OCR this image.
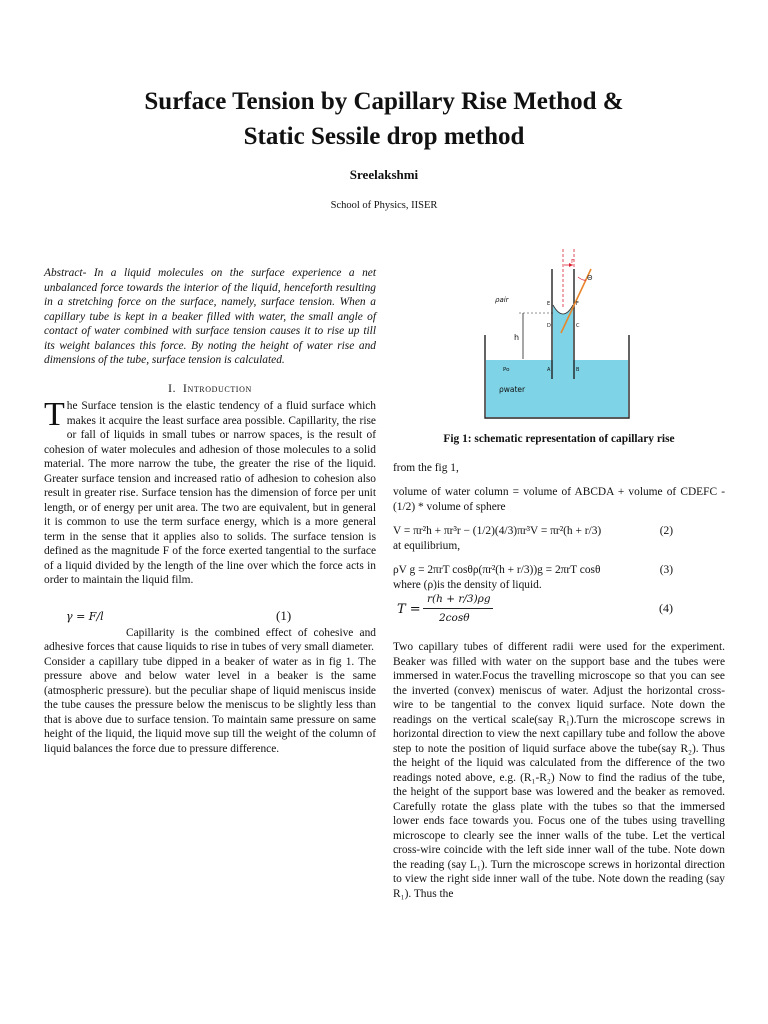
Surface Tension by Capillary Rise Method &
Static Sessile drop method
Sreelakshmi
School of Physics, IISER

Abstract- In a liquid molecules on the surface experience a net unbalanced force towards the interior of the liquid, henceforth resulting in a stretching force on the surface, namely, surface tension. When a capillary tube is kept in a beaker filled with water, the small angle of contact of water combined with surface tension causes it to rise up till its weight balances this force. By noting the height of water rise and dimensions of the tube, surface tension is calculated.

I. Introduction

The Surface tension is the elastic tendency of a fluid surface which makes it acquire the least surface area possible. Capillarity, the rise or fall of liquids in small tubes or narrow spaces, is the result of cohesion of water molecules and adhesion of those molecules to a solid material. The more narrow the tube, the greater the rise of the liquid. Greater surface tension and increased ratio of adhesion to cohesion also result in greater rise. Surface tension has the dimension of force per unit length, or of energy per unit area. The two are equivalent, but in general it is common to use the term surface energy, which is a more general term in the sense that it applies also to solids. The surface tension is defined as the magnitude F of the force exerted tangential to the surface of a liquid divided by the length of the line over which the force acts in order to maintain the liquid film.

γ = F/l	(1)

Capillarity is the combined effect of cohesive and adhesive forces that cause liquids to rise in tubes of very small diameter.

Consider a capillary tube dipped in a beaker of water as in fig 1. The pressure above and below water level in a beaker is the same (atmospheric pressure). but the peculiar shape of liquid meniscus inside the tube causes the pressure below the meniscus to be slightly less than that is above due to surface tension. To maintain same pressure on same height of the liquid, the liquid move sup till the weight of the column of liquid balances the force due to pressure difference.

r
Θ
h
ρair
ρwater
Po	A	B
C
D
E	F
Fig 1: schematic representation of capillary rise

from the fig 1,

volume of water column = volume of ABCDA + volume of CDEFC - (1/2) * volume of sphere

V = πr²h + πr³r − (1/2)(4/3)πr³V = πr²(h + r/3)	(2)

at equilibrium,

ρV g = 2πrT cosθρ(πr²(h + r/3))g = 2πrT cosθ	(3)

where (ρ)is the density of liquid.

T =
r(h + r/3)ρg
2cosθ
(4)

Two capillary tubes of different radii were used for the experiment. Beaker was filled with water on the support base and the tubes were immersed in water.Focus the travelling microscope so that you can see the inverted (convex) meniscus of water. Adjust the horizontal cross-wire to be tangential to the convex liquid surface. Note down the readings on the vertical scale(say R₁).Turn the microscope screws in horizontal direction to view the next capillary tube and follow the above step to note the position of liquid surface above the tube(say R₂). Thus the height of the liquid was calculated from the difference of the two readings noted above, e.g. (R₁-R₂) Now to find the radius of the tube, the height of the support base was lowered and the beaker as removed. Carefully rotate the glass plate with the tubes so that the immersed lower ends face towards you. Focus one of the tubes using travelling microscope to clearly see the inner walls of the tube. Let the vertical cross-wire coincide with the left side inner wall of the tube. Note down the reading (say L₁). Turn the microscope screws in horizontal direction to view the right side inner wall of the tube. Note down the reading (say R₁). Thus the
